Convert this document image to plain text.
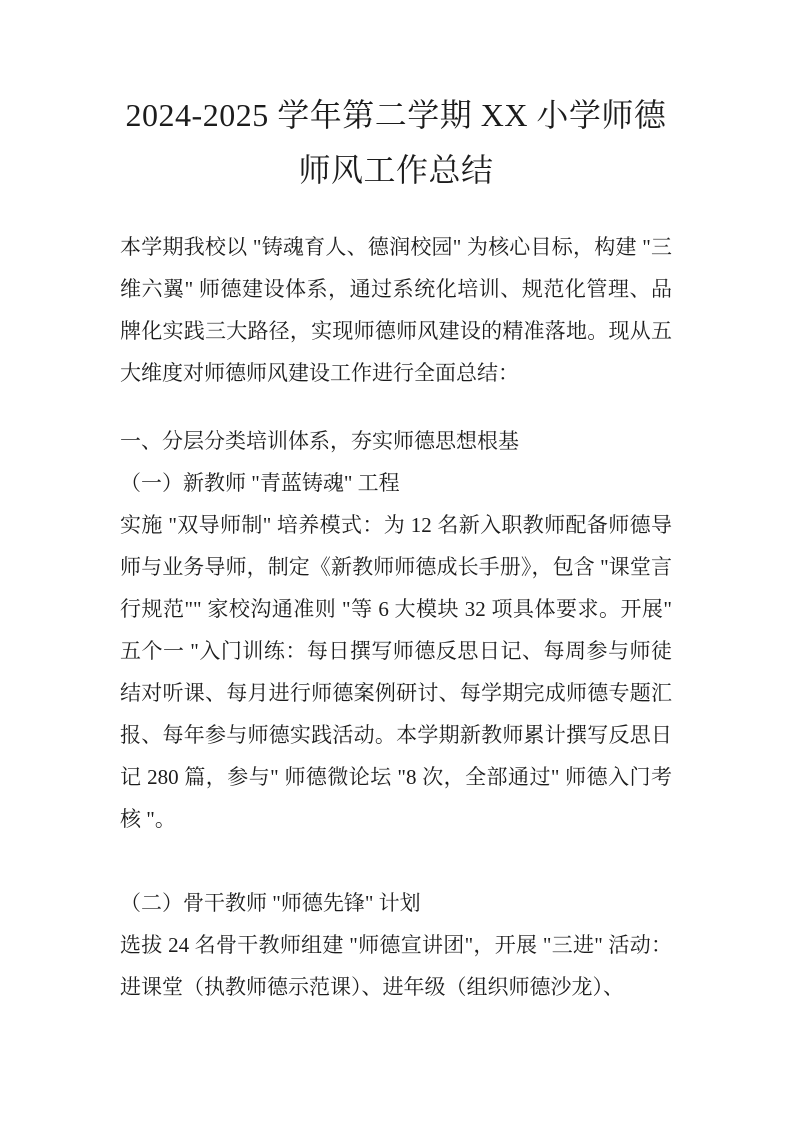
2024-2025 学年第二学期 XX 小学师德师风工作总结

本学期我校以 "铸魂育人、德润校园" 为核心目标，构建 "三维六翼" 师德建设体系，通过系统化培训、规范化管理、品牌化实践三大路径，实现师德师风建设的精准落地。现从五大维度对师德师风建设工作进行全面总结：

一、分层分类培训体系，夯实师德思想根基
（一）新教师 "青蓝铸魂" 工程

实施 "双导师制" 培养模式：为 12 名新入职教师配备师德导师与业务导师，制定《新教师师德成长手册》，包含 "课堂言行规范"" 家校沟通准则 "等 6 大模块 32 项具体要求。开展" 五个一 "入门训练：每日撰写师德反思日记、每周参与师徒结对听课、每月进行师德案例研讨、每学期完成师德专题汇报、每年参与师德实践活动。本学期新教师累计撰写反思日记 280 篇，参与" 师德微论坛 "8 次，全部通过" 师德入门考核 "。

（二）骨干教师 "师德先锋" 计划

选拔 24 名骨干教师组建 "师德宣讲团"，开展 "三进" 活动：进课堂（执教师德示范课）、进年级（组织师德沙龙）、
